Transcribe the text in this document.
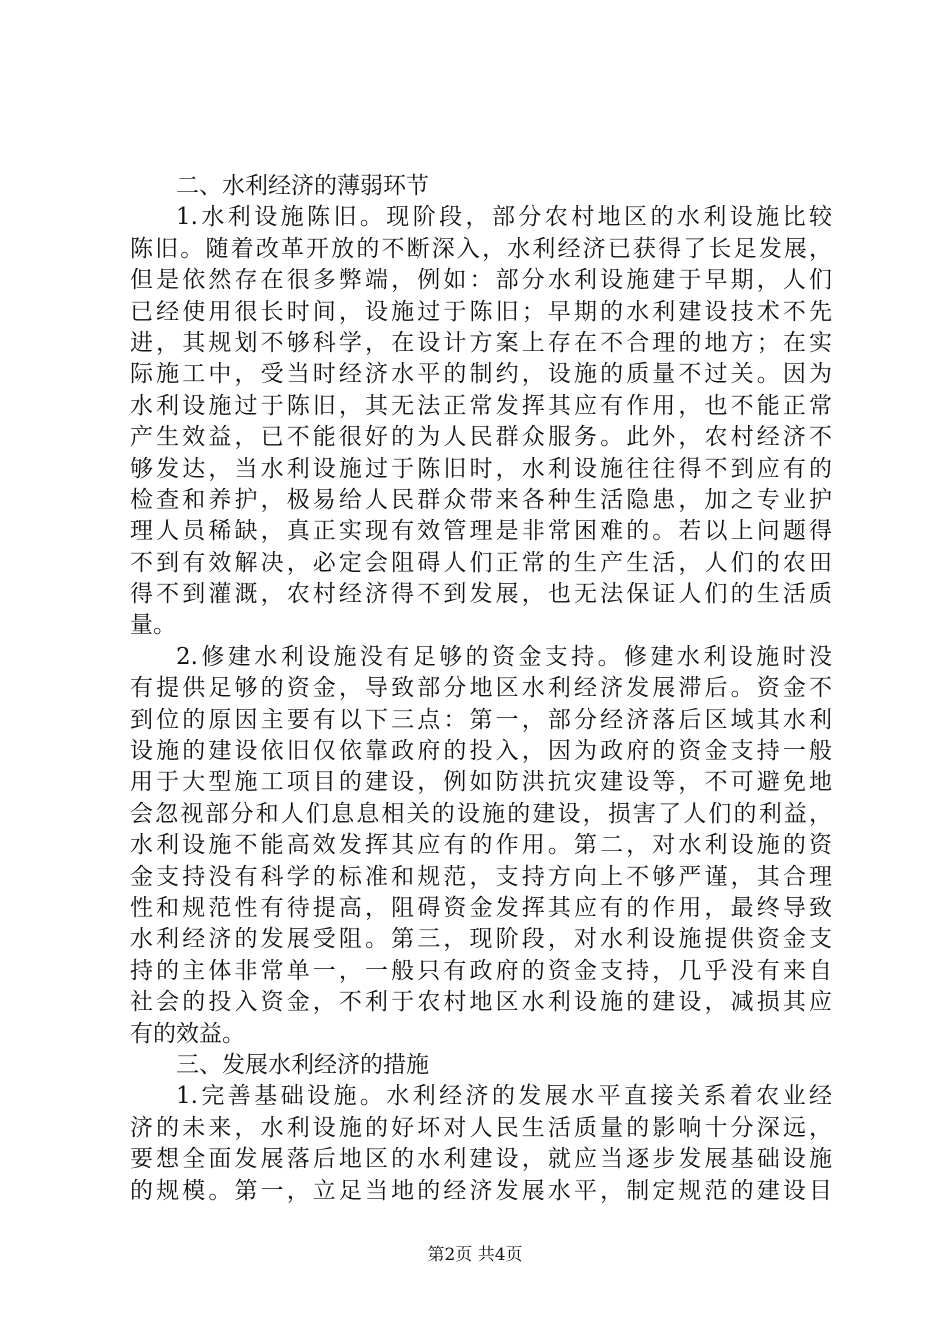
二、水利经济的薄弱环节
1.水利设施陈旧。现阶段，部分农村地区的水利设施比较
陈旧。随着改革开放的不断深入，水利经济已获得了长足发展，
但是依然存在很多弊端，例如：部分水利设施建于早期，人们
已经使用很长时间，设施过于陈旧；早期的水利建设技术不先
进，其规划不够科学，在设计方案上存在不合理的地方；在实
际施工中，受当时经济水平的制约，设施的质量不过关。因为
水利设施过于陈旧，其无法正常发挥其应有作用，也不能正常
产生效益，已不能很好的为人民群众服务。此外，农村经济不
够发达，当水利设施过于陈旧时，水利设施往往得不到应有的
检查和养护，极易给人民群众带来各种生活隐患，加之专业护
理人员稀缺，真正实现有效管理是非常困难的。若以上问题得
不到有效解决，必定会阻碍人们正常的生产生活，人们的农田
得不到灌溉，农村经济得不到发展，也无法保证人们的生活质
量。
2.修建水利设施没有足够的资金支持。修建水利设施时没
有提供足够的资金，导致部分地区水利经济发展滞后。资金不
到位的原因主要有以下三点：第一，部分经济落后区域其水利
设施的建设依旧仅依靠政府的投入，因为政府的资金支持一般
用于大型施工项目的建设，例如防洪抗灾建设等，不可避免地
会忽视部分和人们息息相关的设施的建设，损害了人们的利益，
水利设施不能高效发挥其应有的作用。第二，对水利设施的资
金支持没有科学的标准和规范，支持方向上不够严谨，其合理
性和规范性有待提高，阻碍资金发挥其应有的作用，最终导致
水利经济的发展受阻。第三，现阶段，对水利设施提供资金支
持的主体非常单一，一般只有政府的资金支持，几乎没有来自
社会的投入资金，不利于农村地区水利设施的建设，减损其应
有的效益。
三、发展水利经济的措施
1.完善基础设施。水利经济的发展水平直接关系着农业经
济的未来，水利设施的好坏对人民生活质量的影响十分深远，
要想全面发展落后地区的水利建设，就应当逐步发展基础设施
的规模。第一，立足当地的经济发展水平，制定规范的建设目
第2页 共4页
